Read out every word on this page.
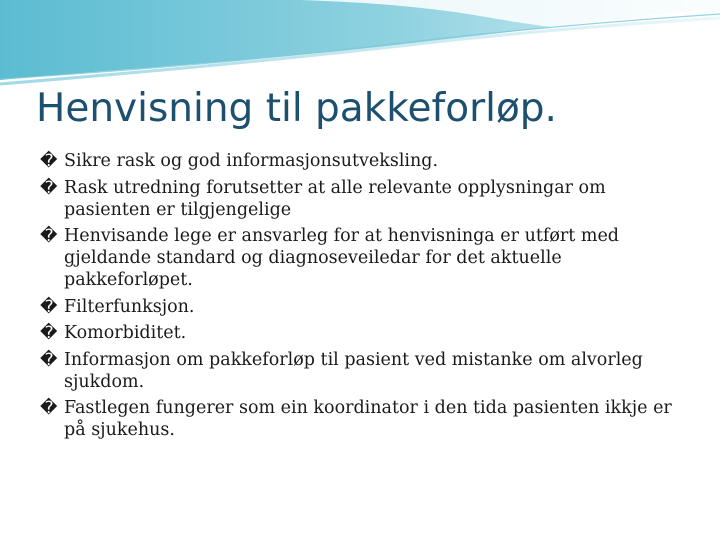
Henvisning til pakkeforløp.
� Sikre rask og god informasjonsutveksling.
� Rask utredning forutsetter at alle relevante opplysningar om pasienten er tilgjengelige
� Henvisande lege er ansvarleg for at henvisninga er utført med gjeldande standard og diagnoseveiledar for det aktuelle pakkeforløpet.
� Filterfunksjon.
� Komorbiditet.
� Informasjon om pakkeforløp til pasient ved mistanke om alvorleg sjukdom.
� Fastlegen fungerer som ein koordinator i den tida pasienten ikkje er på sjukehus.
